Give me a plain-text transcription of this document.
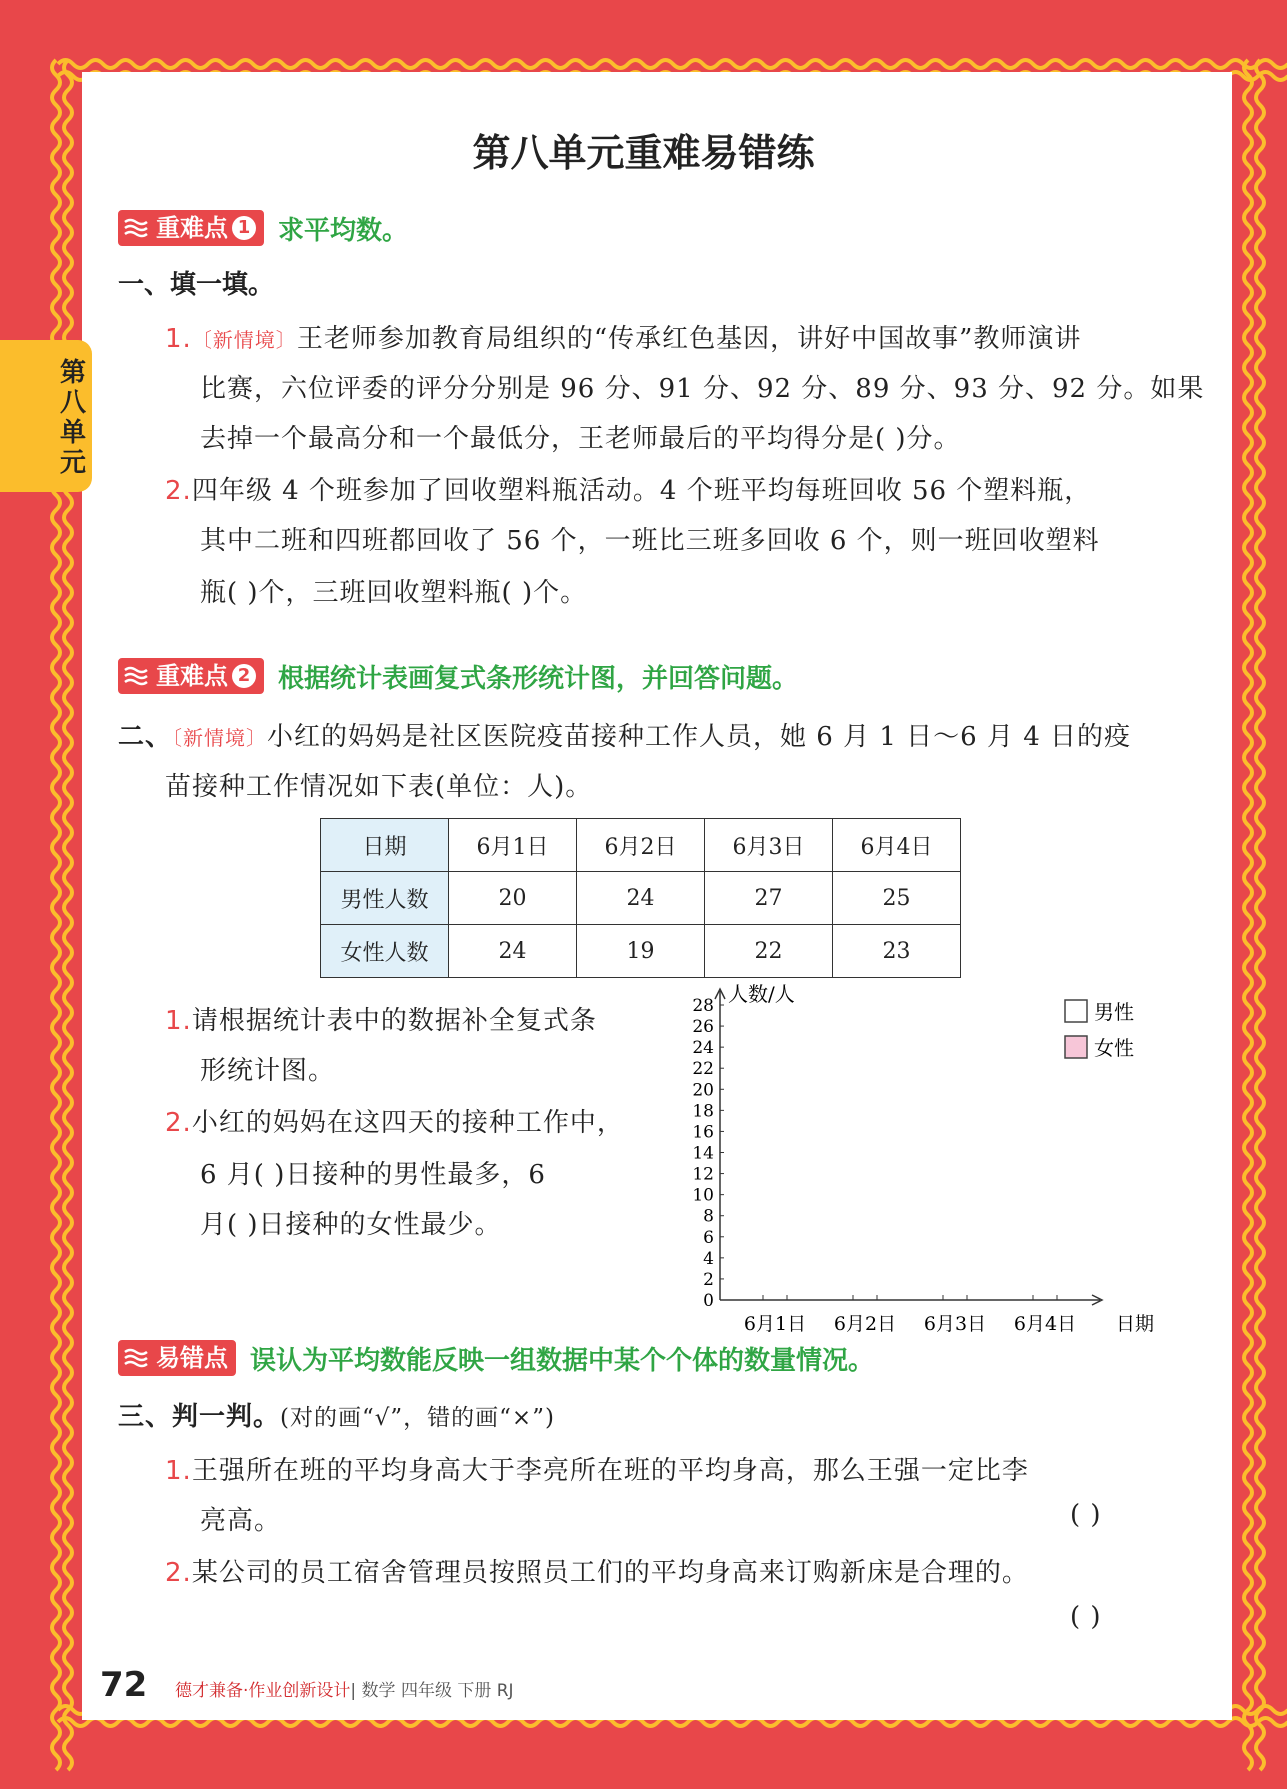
第八单元
第八单元重难易错练
重难点 1 求平均数。
一、填一填。
1.〔新情境〕王老师参加教育局组织的“传承红色基因，讲好中国故事”教师演讲
比赛，六位评委的评分分别是 96 分、91 分、92 分、89 分、93 分、92 分。如果
去掉一个最高分和一个最低分，王老师最后的平均得分是( )分。
2.四年级 4 个班参加了回收塑料瓶活动。4 个班平均每班回收 56 个塑料瓶，
其中二班和四班都回收了 56 个，一班比三班多回收 6 个，则一班回收塑料
瓶( )个，三班回收塑料瓶( )个。
重难点 2 根据统计表画复式条形统计图，并回答问题。
二、〔新情境〕小红的妈妈是社区医院疫苗接种工作人员，她 6 月 1 日～6 月 4 日的疫
苗接种工作情况如下表(单位：人)。
日期	6月1日	6月2日	6月3日	6月4日
男性人数	20	24	27	25
女性人数	24	19	22	23
1.请根据统计表中的数据补全复式条
形统计图。
2.小红的妈妈在这四天的接种工作中，
6 月( )日接种的男性最多，6
月( )日接种的女性最少。
人数/人
0
2
4
6
8
10
12
14
16
18
20
22
24
26
28
6月1日 6月2日 6月3日 6月4日 日期
男性
女性
易错点 误认为平均数能反映一组数据中某个个体的数量情况。
三、判一判。(对的画“√”，错的画“×”)
1.王强所在班的平均身高大于李亮所在班的平均身高，那么王强一定比李
亮高。	( )
2.某公司的员工宿舍管理员按照员工们的平均身高来订购新床是合理的。
( )
72 德才兼备·作业创新设计| 数学 四年级 下册 RJ
